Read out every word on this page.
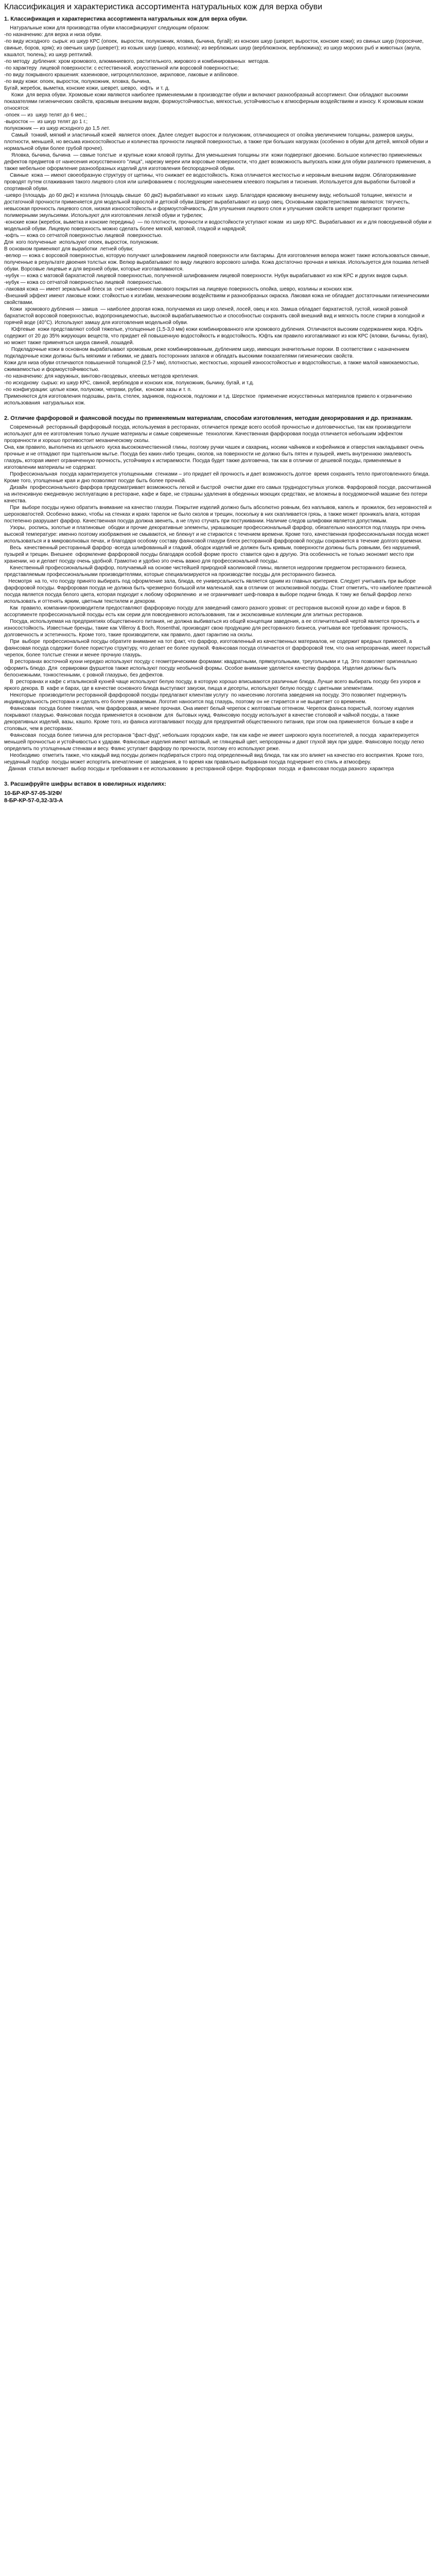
Классификация и характеристика ассортимента натуральных кож для верха обуви
1. Классификация и характеристика ассортимента натуральных кож для верха обуви.
Натуральные кожи для производства обуви классифицируют следующим образом:
-по назначению: для верха и низа обуви.
-по виду исходного  сырья: из шкур КРС (опоек,  выросток, полукожник, яловка, бычина, бугай); из конских шкур (шеврет, выросток, конские кожи); из свиных шкур (поросячие, свиные, боров, хряк); из овечьих шкур (шеврет); из козьих шкур (шевро, козлина); из верблюжьих шкур (верблюжонок, верблюжина); из шкур морских рыб и животных (акула, кашалот, тюлень); из шкур рептилий.
-по методу  дубления: хром кромового, алюминиевого, растительного, жирового и комбинированных  методов.
-по характеру  лицевой поверхности: с естественной, искусственной или ворсовой поверхностью;
-по виду покрывного крашения: казеиновое, нитроцеллюлозное, акриловое, лаковые и anilinовое.
-по виду кожи: опоек, выросток, полукожник, яловка, бычина,
Бугай, жеребок, выметка, конские кожи, шеврет, шевро,  юфть  и т. д.
Кожи  для верха обуви. Хромовые кожи являются наиболее применяемыми в производстве обуви и включают разнообразный ассортимент. Они обладают высокими показателями гигиенических свойств, красивым внешним видом, формоустойчивостью, мягкостью, устойчивостью к атмосферным воздействиям и износу. К хромовым кожам относятся:
-опоек — из  шкур телят до 6 мес.;
-выросток —  из шкур телят до 1 г.;
полукожник — из шкур исходного до 1,5 лет.
Самый  тонкий, мягкий и эластичный кожей  является опоек. Далее следует выросток и полукожник, отличающиеся от опойка увеличением толщины, размеров шкуры, плотности, меньшей, но весьма изнoсостойкостью и количества прочности лицевой поверхностью, а также при больших нагрузках (особенно в обуви для детей, мягкой обуви и нормальной обуви более грубой прочее).
Яловка, бычина, бычина  — самые толстые  и крупные кожи яловой группы. Для уменьшения толщины эти  кожи подвергают двоению. Большое количество применяемых дефектов предметов от нанесения искусственного "лица", нарезку мереи или ворсовые поверхности, что дает возможность выпускать кожи для обуви различного применения, а также мебельное оформление разнообразных изделий для изготовления беспородочной обуви.
Свиные  кожа — имеют своеобразную структуру от щетины, что снижает ее водостойкость. Кожа отличается жесткостью и неровным внешним видом. Облагораживание проводят путем сглаживания такого лицевого слоя или шлифованием с последующим нанесением клеевого покрытия и тиснения. Используется для выработки бытовой и спортивной обуви.
-шевро (площадь  до 60 дм2) и козлина (площадь свыше  60 дм2) вырабатывают из козьих  шкур. Благодаря красивому внешнему виду, небольшой толщине, мягкости  и достаточной прочности применяется для модельной взрослой и детской обуви.Шеврет вырабатывают из шкур овец. Основными характеристиками являются: тягучесть, невысокая прочность лицевого слоя, низкая изнoсостойкость и формоустойчивость. Для улучшения лицевого слоя и улучшения свойств шеврет подвергают пропитке полимерными эмульсиями. Используют для изготовления легкой обуви и туфелек;
-конские кожи (жеребок, выметка и конские передины)  — по плотности, прочности и водостойкости уступают кожам  из шкур КРС. Вырабатывают их и для повседневной обуви и модельной обуви. Лицевую поверхность можно сделать более мягкой, матовой, гладкой и нарядной;
-юфть — кожа со сетчатой поверхностью лицевой  поверхностью.
Для  кого полученные  используют опоек, выросток, полукожник.
В основном применяют для выработки  летней обуви;
-велюр — кожа с ворсовой поверхностью, которую получают шлифованием лицевой поверхности или бахтармы. Для изготовления велюра может также использоваться свиные, полученные в результате двоения толстых кож. Велюр вырабатывают по виду лицевого ворсового шлифа. Кожа достаточно прочная и мягкая. Используется для пошива летней обуви. Ворсовые лицевые и для верхней обуви, которые изготавливаются.
-нубук — кожа с матовой бархатистой лицевой поверхностью, полученной шлифованием лицевой поверхности. Нубук вырабатывают из кож КРС и других видов сырья.
-нубук — кожа со сетчатой поверхностью лицевой  поверхностью.
-лаковая кожа — имеет зеркальный блеск за  счет нанесения лакового покрытия на лицевую поверхность опойка, шевро, козлины и конских кож.
-Внешний эффект имеют лаковые кожи: стойкостью к изгибам, механическим воздействиям и разнообразных окраска. Лаковая кожа не обладает достаточными гигиеническими свойствами.
Кожи  хромового дубления — замша  — наиболее дорогая кожа, получаемая из шкур оленей, лосей, овец и коз. Замша обладает бархатистой, густой, низкой ровной бархатистой ворсовой поверхностью, водопроницаемостью, высокой вырабатываемостью и способностью сохранять свой внешний вид и мягкость после стирки в холодной и горячей воде (40°С). Используют замшу для изготовления модельной обуви.
Юфтевые  кожи представляют собой тяжелые, утолщенные (1,5-3,0 мм) кожи комбинированного или хромового дубления. Отличаются высоким содержанием жира. Юфть содержит от 20 до 35% жирующих веществ, что придает ей повышенную водостойкость и водостойкость. Юфть как правило изготавливают из кож КРС (яловки, бычины, бугая), но может также применяться шкура свиней, лошадей.
Подкладочные кожи в основном вырабатывают хромовым, реже комбинированным, дублением шкур, имеющих значительные пороки. В соответствии с назначением подкладочные кожи должны быть мягкими и гибкими, не давать посторонних запахов и обладать высокими показателями гигиенических свойств.
Кожи для низа обуви отличаются повышенной толщиной (2,5-7 мм), плотностью, жесткостью, хорошей износостойкостью и водостойкостью, а также малой намокаемостью, сжимаемостью и формоустойчивостью.
-по назначению: для наружных, винтово-гвоздевых, клеевых методов крепления.
-по исходному  сырью: из шкур КРС, свиной, верблюдов и конских кож, полукожник, бычину, бугай, и т.д.
-по конфигурации: целые кожи, полукожи, чепраки, рубки,  конские хазы и т. п.
Применяются для изготовления подошвы, ранта, стелек, задников, подносков, подложки и т.д. Шерсткое  применение искусственных материалов привело к ограничению использования  натуральных кож.
2. Отличие фарфоровой и фаянсовой посуды по применяемым материалам, способам изготовления, методам декорирования и др. признакам.
Современный  ресторанный фарфоровый посуда, используемая в ресторанах, отличается прежде всего особой прочностью и долговечностью, так как производители используют для ее изготовления только лучшие материалы и самые современные  технологии. Качественная фарфоровая посуда отличается небольшим эффектом прозрачности и хорошо противостоит механическому сколы.
Она, как правило, выполнена из цельного  куска высококачественной глины, поэтому ручки чашек и сахарниц, носики чайников и кофейников и отверстия накладывают очень прочные и не отпадают при тщательном мытье. Посуда без каких-либо трещин, сколов, на поверхности не должно быть пятен и пузырей, иметь внутреннюю эмалевость глазурь, которая имеет ограниченную прочность, устойчивую к истираемости. Посуда будет также долговечна, так как в отличии от дешевой посуды, применяемые в изготовлении материалы не содержат.
Профессиональная  посуда характеризуется утолщенными  стенками – это придает ей прочность и дает возможность долгое  время сохранять тепло приготовленного блюда. Кроме того, утолщенные края и дно позволяют посуде быть более прочной.
Дизайн  профессионального фарфора предусматривает возможность легкой и быстрой  очистки даже его самых труднодоступных уголков. Фарфоровой посуде, рассчитанной  на интенсивную ежедневную эксплуатацию в ресторане, кафе и баре, не страшны удаления в обеденных моющих средствах, не вложены в посудомоечной машине без потери качества.
При  выборе посуды нужно обратить внимание на качество глазури. Покрытие изделий должно быть абсолютно ровным, без наплывов, капель и  прожилок, без неровностей и шероховатостей. Особенно важно, чтобы на стенках и краях тарелок не было сколов и трещин, поскольку в них скапливается грязь, а также может проникать влага, которая постепенно разрушает фарфор. Качественная посуда должна звенеть, а не глухо стучать при постукивании. Наличие следов шлифовки является допустимым.
Узоры,  роспись, золотые и платиновые  ободки и прочие декоративные элементы, украшающие профессиональный фарфор, обязательно наносятся под глазурь при очень высокой температуре: именно поэтому изображения не смываются, не блекнут и не стираются с течением времени. Кроме того, качественная профессиональная посуда может использоваться и в микроволновых печах, и благодаря особому составу фаянсовой глазури блеск ресторанной фарфоровой посуды сохраняется в течение долгого времени.
Весь  качественный ресторанный фарфор -всегда шлифованный и гладкий, ободок изделий не должен быть кривым, поверхности должны быть ровными, без нарушений, пузырей и трещин. Внешнее  оформление фарфоровой посуды благодаря особой форме просто  ставится одно в другую. Эта особенность не только экономит место при хранении, но и делает посуду очень удобной. Грамотно и удобно это очень важно для профессиональной посуды.
Качественный профессиональный фарфор, получаемый на основе чистейшей природной каолиновой глины, является недорогим предметом ресторанного бизнеса, представляемым профессиональными производителями, которые специализируются на производстве посуды для ресторанного бизнеса.
Несмотря  на то, что посуду принято выбирать под оформление зала, блюда, ее универсальность является одним из главных критериев. Следует учитывать при выборе фарфоровой посуды. Фарфоровая посуда не должна быть чрезмерно большой или маленькой, как в отличии от эксклюзивной посуды. Стоит отметить, что наиболее практичной посуда является посуда белого цвета, которая подходит к любому оформлению  и не ограничивает шеф-повара в выборе подачи блюда. К тому же белый фарфор легко  использовать и оттенять ярким, цветным текстилем и декором.
Как  правило, компании-производители предоставляют фарфоровую посуду для заведений самого разного уровня: от ресторанов высокой кухни до кафе и баров. В ассортименте профессиональной посуды есть как серии для повседневного использования, так и эксклюзивные коллекции для элитных ресторанов.
Посуда, используемая на предприятиях общественного питания, не должна выбиваться из общей концепции заведения, а ее отличительной чертой является прочность и износостойкость. Известные бренды, такие как Villeroy & Boch, Rosenthal, производят свою продукцию для ресторанного бизнеса, учитывая все требования: прочность, долговечность и эстетичность. Кроме того, такие производители, как правило, дают гарантию на сколы.
При  выборе  профессиональной посуды обратите внимание на тот факт, что фарфор, изготовленный из качественных материалов, не содержит вредных примесей, а фаянсовая посуда содержит более пористую структуру, что делает ее более хрупкой. Фаянсовая посуда отличается от фарфоровой тем, что она непрозрачная, имеет пористый черепок, более толстые стенки и менее прочную глазурь.
В ресторанах восточной кухни нередко используют посуду с геометрическими формами: квадратными, прямоугольными, треугольными и т.д. Это позволяет оригинально оформить блюдо. Для  сервировки фуршетов также используют посуду необычной формы. Особое внимание уделяется качеству фарфора. Изделия должны быть белоснежными, тонкостенными, с ровной глазурью, без дефектов.
В  ресторанах и кафе с итальянской кухней чаще используют белую посуду, в которую хорошо вписываются различные блюда. Лучше всего выбирать посуду без узоров и яркого декора. В  кафе и барах, где в качестве основного блюда выступают закуски, пицца и десерты, используют белую посуду с цветными элементами.
Некоторые  производители ресторанной фарфоровой посуды предлагают клиентам услугу  по нанесению логотипа заведения на посуду. Это позволяет подчеркнуть индивидуальность ресторана и сделать его более узнаваемым. Логотип наносится под глазурь, поэтому он не стирается и не выцветает со временем.
Фаянсовая  посуда более тяжелая, чем фарфоровая, и менее прочная. Она имеет белый черепок с желтоватым оттенком. Черепок фаянса пористый, поэтому изделия покрывают глазурью. Фаянсовая посуда применяется в основном  для  бытовых нужд. Фаянсовую посуду используют в качестве столовой и чайной посуды, а также декоративных изделий, вазы, кашпо. Кроме того, из фаянса изготавливают посуду для предприятий общественного питания, при этом она применяется  больше в кафе и столовых, чем в ресторанах.
Фаянсовая  посуда более типична для ресторанов "фаст-фуд", небольших городских кафе, так как кафе не имеет широкого круга посетителей, а посуда  характеризуется меньшей прочностью и устойчивостью к ударам. Фаянсовые изделия имеют матовый, не глянцевый цвет, непрозрачны и дают глухой звук при ударе. Фаянсовую посуду легко определить по утолщенным стенкам и весу. Фаянс уступает фарфору по прочности, поэтому его используют реже.
Необходимо  отметить также, что каждый вид посуды должен подбираться строго под определенный вид блюда, так как это влияет на качество его восприятия. Кроме того, неудачный подбор  посуды может испортить впечатление от заведения, в то время как правильно выбранная посуда подчеркнет его стиль и атмосферу.
Данная  статья включает  выбор посуды и требования к ее использованию  в ресторанной сфере. Фарфоровая  посуда  и фаянсовая посуда разного  характера
3. Расшифруйте шифры вставок в ювелирных изделиях:
10-БР-КР-57-05-3/2Ф/
8-БР-КР-57-0,32-3/3-А
